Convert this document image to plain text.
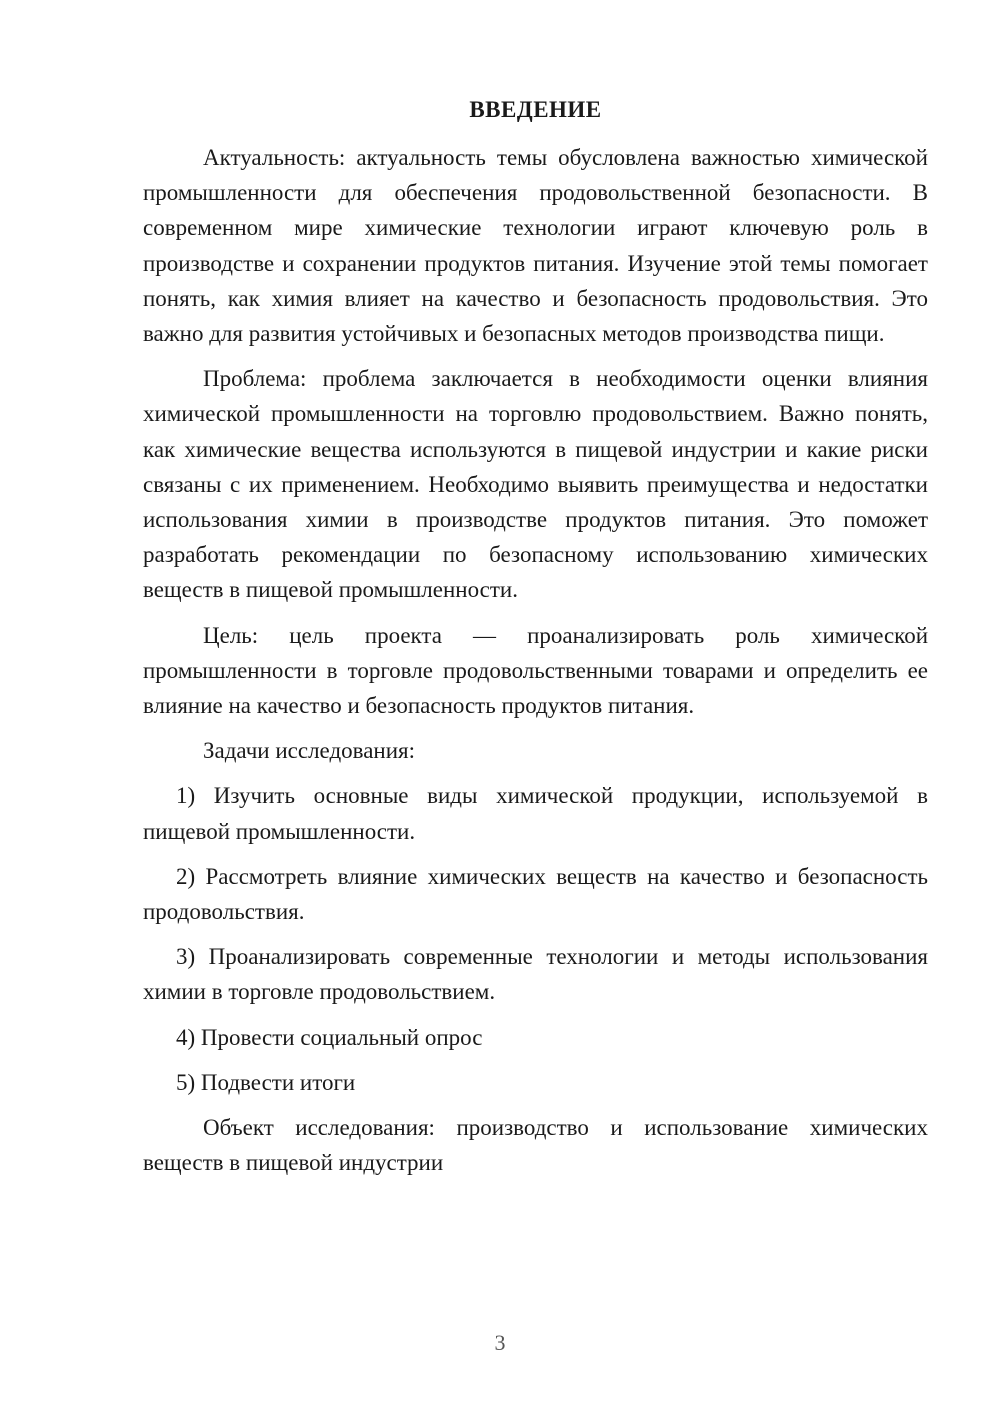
ВВЕДЕНИЕ

Актуальность: актуальность темы обусловлена важностью химической промышленности для обеспечения продовольственной безопасности. В современном мире химические технологии играют ключевую роль в производстве и сохранении продуктов питания. Изучение этой темы помогает понять, как химия влияет на качество и безопасность продовольствия. Это важно для развития устойчивых и безопасных методов производства пищи.

Проблема: проблема заключается в необходимости оценки влияния химической промышленности на торговлю продовольствием. Важно понять, как химические вещества используются в пищевой индустрии и какие риски связаны с их применением. Необходимо выявить преимущества и недостатки использования химии в производстве продуктов питания. Это поможет разработать рекомендации по безопасному использованию химических веществ в пищевой промышленности.

Цель: цель проекта — проанализировать роль химической промышленности в торговле продовольственными товарами и определить ее влияние на качество и безопасность продуктов питания.

Задачи исследования:

1) Изучить основные виды химической продукции, используемой в пищевой промышленности.

2) Рассмотреть влияние химических веществ на качество и безопасность продовольствия.

3) Проанализировать современные технологии и методы использования химии в торговле продовольствием.

4) Провести социальный опрос

5) Подвести итоги

Объект исследования: производство и использование химических веществ в пищевой индустрии

3
